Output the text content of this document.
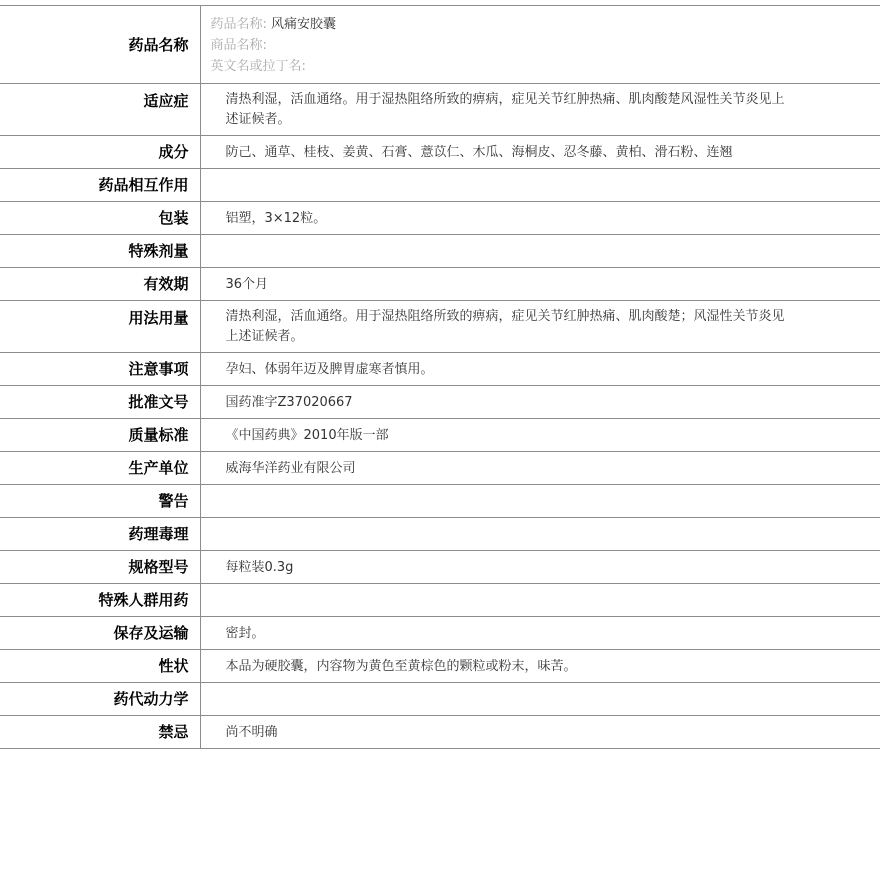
药品名称	药品名称: 风痛安胶囊
商品名称:
英文名或拉丁名:

适应症	清热利湿，活血通络。用于湿热阻络所致的痹病，症见关节红肿热痛、肌肉酸楚风湿性关节炎见上述证候者。
成分	防己、通草、桂枝、姜黄、石膏、薏苡仁、木瓜、海桐皮、忍冬藤、黄柏、滑石粉、连翘
药品相互作用	
包装	铝塑，3×12粒。
特殊剂量	
有效期	36个月
用法用量	清热利湿，活血通络。用于湿热阻络所致的痹病，症见关节红肿热痛、肌肉酸楚；风湿性关节炎见上述证候者。
注意事项	孕妇、体弱年迈及脾胃虚寒者慎用。
批准文号	国药准字Z37020667
质量标准	《中国药典》2010年版一部
生产单位	威海华洋药业有限公司
警告	
药理毒理	
规格型号	每粒装0.3g
特殊人群用药	
保存及运输	密封。
性状	本品为硬胶囊，内容物为黄色至黄棕色的颗粒或粉末，味苦。
药代动力学	
禁忌	尚不明确
